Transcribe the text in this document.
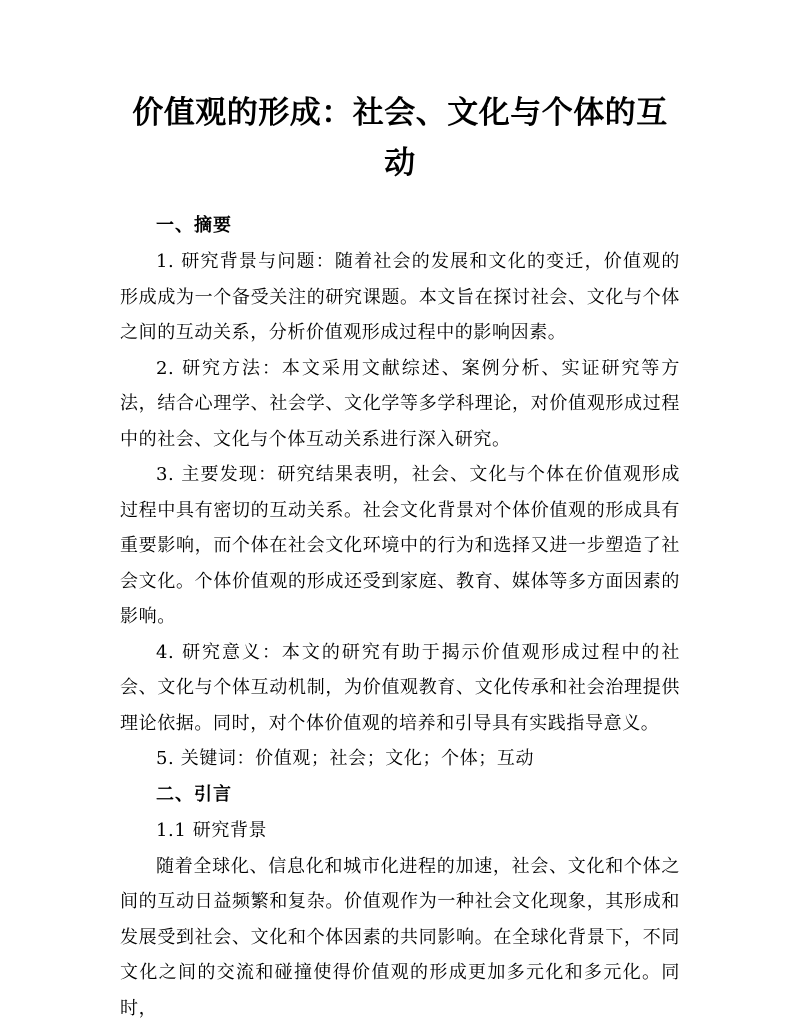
价值观的形成：社会、文化与个体的互动
一、摘要

1. 研究背景与问题：随着社会的发展和文化的变迁，价值观的形成成为一个备受关注的研究课题。本文旨在探讨社会、文化与个体之间的互动关系，分析价值观形成过程中的影响因素。

2. 研究方法：本文采用文献综述、案例分析、实证研究等方法，结合心理学、社会学、文化学等多学科理论，对价值观形成过程中的社会、文化与个体互动关系进行深入研究。

3. 主要发现：研究结果表明，社会、文化与个体在价值观形成过程中具有密切的互动关系。社会文化背景对个体价值观的形成具有重要影响，而个体在社会文化环境中的行为和选择又进一步塑造了社会文化。个体价值观的形成还受到家庭、教育、媒体等多方面因素的影响。

4. 研究意义：本文的研究有助于揭示价值观形成过程中的社会、文化与个体互动机制，为价值观教育、文化传承和社会治理提供理论依据。同时，对个体价值观的培养和引导具有实践指导意义。

5. 关键词：价值观；社会；文化；个体；互动

二、引言
1.1 研究背景

随着全球化、信息化和城市化进程的加速，社会、文化和个体之间的互动日益频繁和复杂。价值观作为一种社会文化现象，其形成和发展受到社会、文化和个体因素的共同影响。在全球化背景下，不同文化之间的交流和碰撞使得价值观的形成更加多元化和多元化。同时，
